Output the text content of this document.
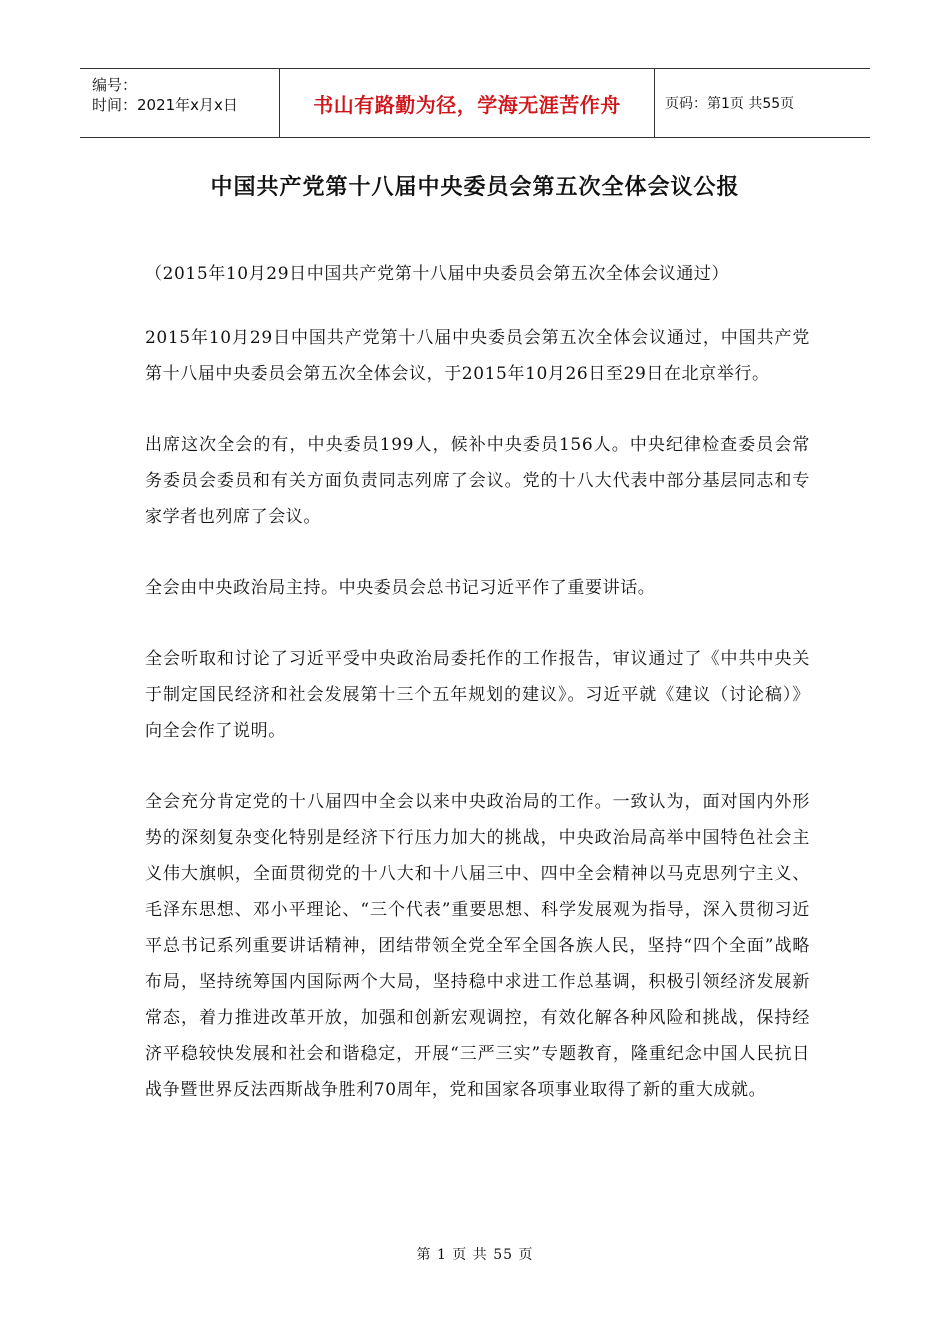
编号：
时间：2021年x月x日	书山有路勤为径，学海无涯苦作舟	页码：第1页 共55页
中国共产党第十八届中央委员会第五次全体会议公报

（2015年10月29日中国共产党第十八届中央委员会第五次全体会议通过）

2015年10月29日中国共产党第十八届中央委员会第五次全体会议通过，中国共产党第十八届中央委员会第五次全体会议，于2015年10月26日至29日在北京举行。

出席这次全会的有，中央委员199人，候补中央委员156人。中央纪律检查委员会常务委员会委员和有关方面负责同志列席了会议。党的十八大代表中部分基层同志和专家学者也列席了会议。

全会由中央政治局主持。中央委员会总书记习近平作了重要讲话。

全会听取和讨论了习近平受中央政治局委托作的工作报告，审议通过了《中共中央关于制定国民经济和社会发展第十三个五年规划的建议》。习近平就《建议（讨论稿）》向全会作了说明。

全会充分肯定党的十八届四中全会以来中央政治局的工作。一致认为，面对国内外形势的深刻复杂变化特别是经济下行压力加大的挑战，中央政治局高举中国特色社会主义伟大旗帜，全面贯彻党的十八大和十八届三中、四中全会精神以马克思列宁主义、毛泽东思想、邓小平理论、“三个代表”重要思想、科学发展观为指导，深入贯彻习近平总书记系列重要讲话精神，团结带领全党全军全国各族人民，坚持“四个全面”战略布局，坚持统筹国内国际两个大局，坚持稳中求进工作总基调，积极引领经济发展新常态，着力推进改革开放，加强和创新宏观调控，有效化解各种风险和挑战，保持经济平稳较快发展和社会和谐稳定，开展“三严三实”专题教育，隆重纪念中国人民抗日战争暨世界反法西斯战争胜利70周年，党和国家各项事业取得了新的重大成就。

第 1 页 共 55 页
